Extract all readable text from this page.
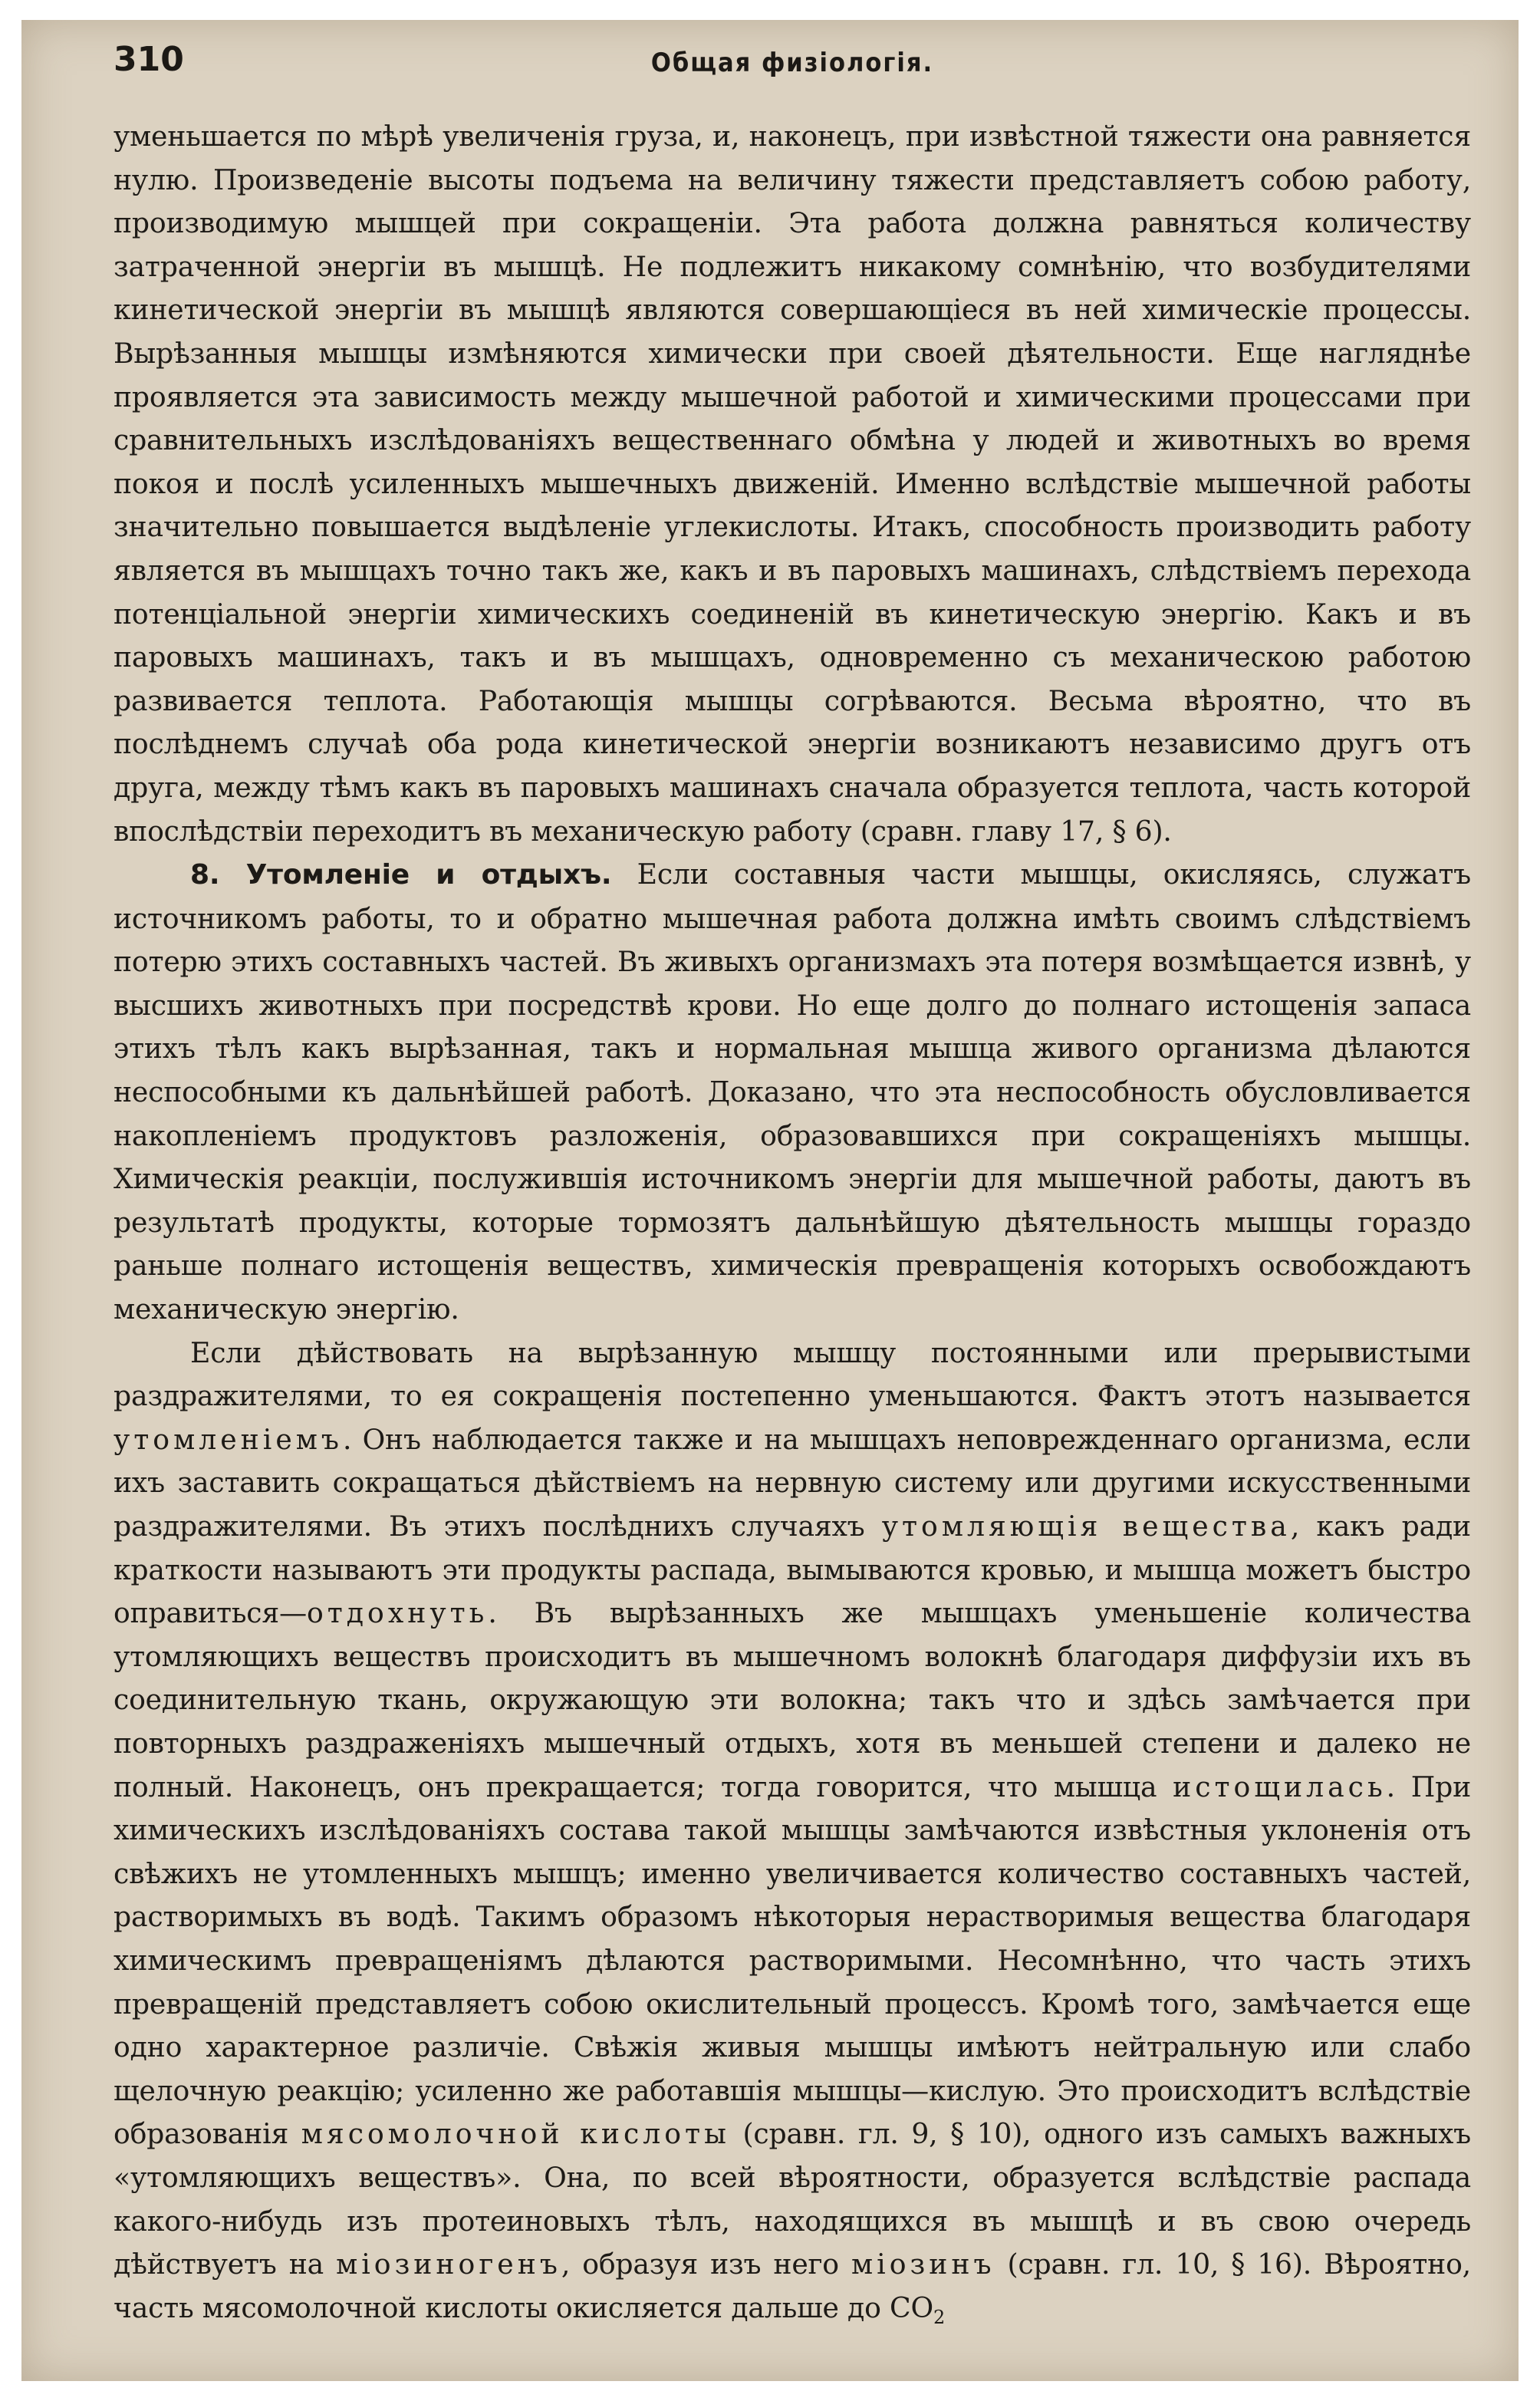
310	Общая физіологія.

уменьшается по мѣрѣ увеличенія груза, и, наконецъ, при извѣстной тяжести она равняется нулю. Произведеніе высоты подъема на величину тяжести представляетъ собою работу, производимую мышцей при сокращеніи. Эта работа должна равняться количеству затраченной энергіи въ мышцѣ. Не подлежитъ никакому сомнѣнію, что возбудителями кинетической энергіи въ мышцѣ являются совершающіеся въ ней химическіе процессы. Вырѣзанныя мышцы измѣняются химически при своей дѣятельности. Еще нагляднѣе проявляется эта зависимость между мышечной работой и химическими процессами при сравнительныхъ изслѣдованіяхъ вещественнаго обмѣна у людей и животныхъ во время покоя и послѣ усиленныхъ мышечныхъ движеній. Именно вслѣдствіе мышечной работы значительно повышается выдѣленіе углекислоты. Итакъ, способность производить работу является въ мышцахъ точно такъ же, какъ и въ паровыхъ машинахъ, слѣдствіемъ перехода потенціальной энергіи химическихъ соединеній въ кинетическую энергію. Какъ и въ паровыхъ машинахъ, такъ и въ мышцахъ, одновременно съ механическою работою развивается теплота. Работающія мышцы согрѣваются. Весьма вѣроятно, что въ послѣднемъ случаѣ оба рода кинетической энергіи возникаютъ независимо другъ отъ друга, между тѣмъ какъ въ паровыхъ машинахъ сначала образуется теплота, часть которой впослѣдствіи переходитъ въ механическую работу (сравн. главу 17, § 6).

8. Утомленіе и отдыхъ. Если составныя части мышцы, окисляясь, служатъ источникомъ работы, то и обратно мышечная работа должна имѣть своимъ слѣдствіемъ потерю этихъ составныхъ частей. Въ живыхъ организмахъ эта потеря возмѣщается извнѣ, у высшихъ животныхъ при посредствѣ крови. Но еще долго до полнаго истощенія запаса этихъ тѣлъ какъ вырѣзанная, такъ и нормальная мышца живого организма дѣлаются неспособными къ дальнѣйшей работѣ. Доказано, что эта неспособность обусловливается накопленіемъ продуктовъ разложенія, образовавшихся при сокращеніяхъ мышцы. Химическія реакціи, послужившія источникомъ энергіи для мышечной работы, даютъ въ результатѣ продукты, которые тормозятъ дальнѣйшую дѣятельность мышцы гораздо раньше полнаго истощенія веществъ, химическія превращенія которыхъ освобождаютъ механическую энергію.

Если дѣйствовать на вырѣзанную мышцу постоянными или прерывистыми раздражителями, то ея сокращенія постепенно уменьшаются. Фактъ этотъ называется утомленіемъ. Онъ наблюдается также и на мышцахъ неповрежденнаго организма, если ихъ заставить сокращаться дѣйствіемъ на нервную систему или другими искусственными раздражителями. Въ этихъ послѣднихъ случаяхъ утомляющія вещества, какъ ради краткости называютъ эти продукты распада, вымываются кровью, и мышца можетъ быстро оправиться—отдохнуть. Въ вырѣзанныхъ же мышцахъ уменьшеніе количества утомляющихъ веществъ происходитъ въ мышечномъ волокнѣ благодаря диффузіи ихъ въ соединительную ткань, окружающую эти волокна; такъ что и здѣсь замѣчается при повторныхъ раздраженіяхъ мышечный отдыхъ, хотя въ меньшей степени и далеко не полный. Наконецъ, онъ прекращается; тогда говорится, что мышца истощилась. При химическихъ изслѣдованіяхъ состава такой мышцы замѣчаются извѣстныя уклоненія отъ свѣжихъ не утомленныхъ мышцъ; именно увеличивается количество составныхъ частей, растворимыхъ въ водѣ. Такимъ образомъ нѣкоторыя нерастворимыя вещества благодаря химическимъ превращеніямъ дѣлаются растворимыми. Несомнѣнно, что часть этихъ превращеній представляетъ собою окислительный процессъ. Кромѣ того, замѣчается еще одно характерное различіе. Свѣжія живыя мышцы имѣютъ нейтральную или слабо щелочную реакцію; усиленно же работавшія мышцы—кислую. Это происходитъ вслѣдствіе образованія мясомолочной кислоты (сравн. гл. 9, § 10), одного изъ самыхъ важныхъ «утомляющихъ веществъ». Она, по всей вѣроятности, образуется вслѣдствіе распада какого-нибудь изъ протеиновыхъ тѣлъ, находящихся въ мышцѣ и въ свою очередь дѣйствуетъ на міозиногенъ, образуя изъ него міозинъ (сравн. гл. 10, § 16). Вѣроятно, часть мясомолочной кислоты окисляется дальше до $CO_2$
